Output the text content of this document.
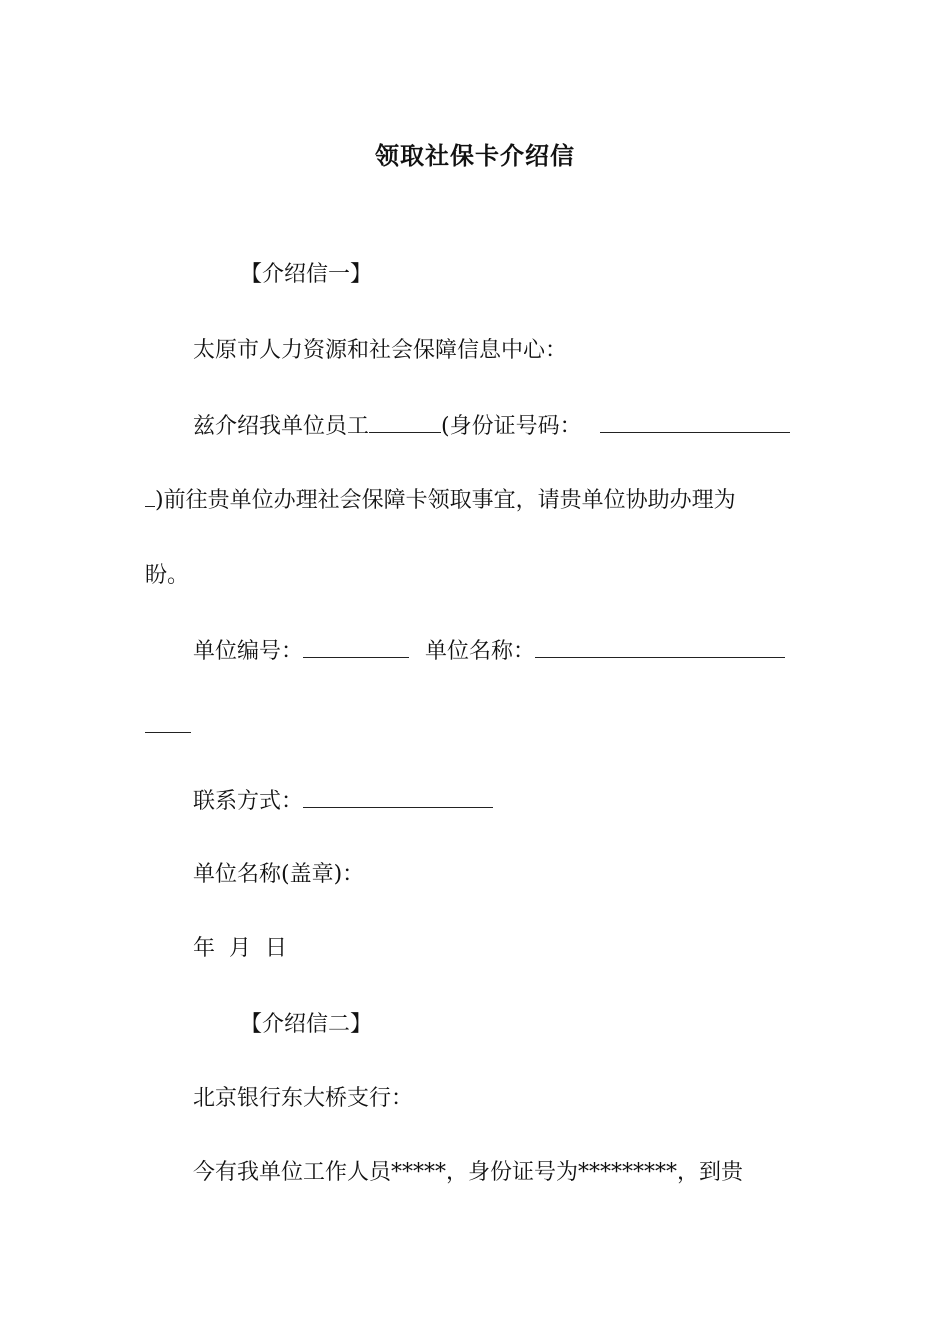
领取社保卡介绍信
【介绍信一】
太原市人力资源和社会保障信息中心：
兹介绍我单位员工	(身份证号码：
)前往贵单位办理社会保障卡领取事宜，请贵单位协助办理为
盼。
单位编号：	单位名称：
联系方式：
单位名称(盖章)：
年  月  日
【介绍信二】
北京银行东大桥支行：
今有我单位工作人员*****，身份证号为*********，到贵
